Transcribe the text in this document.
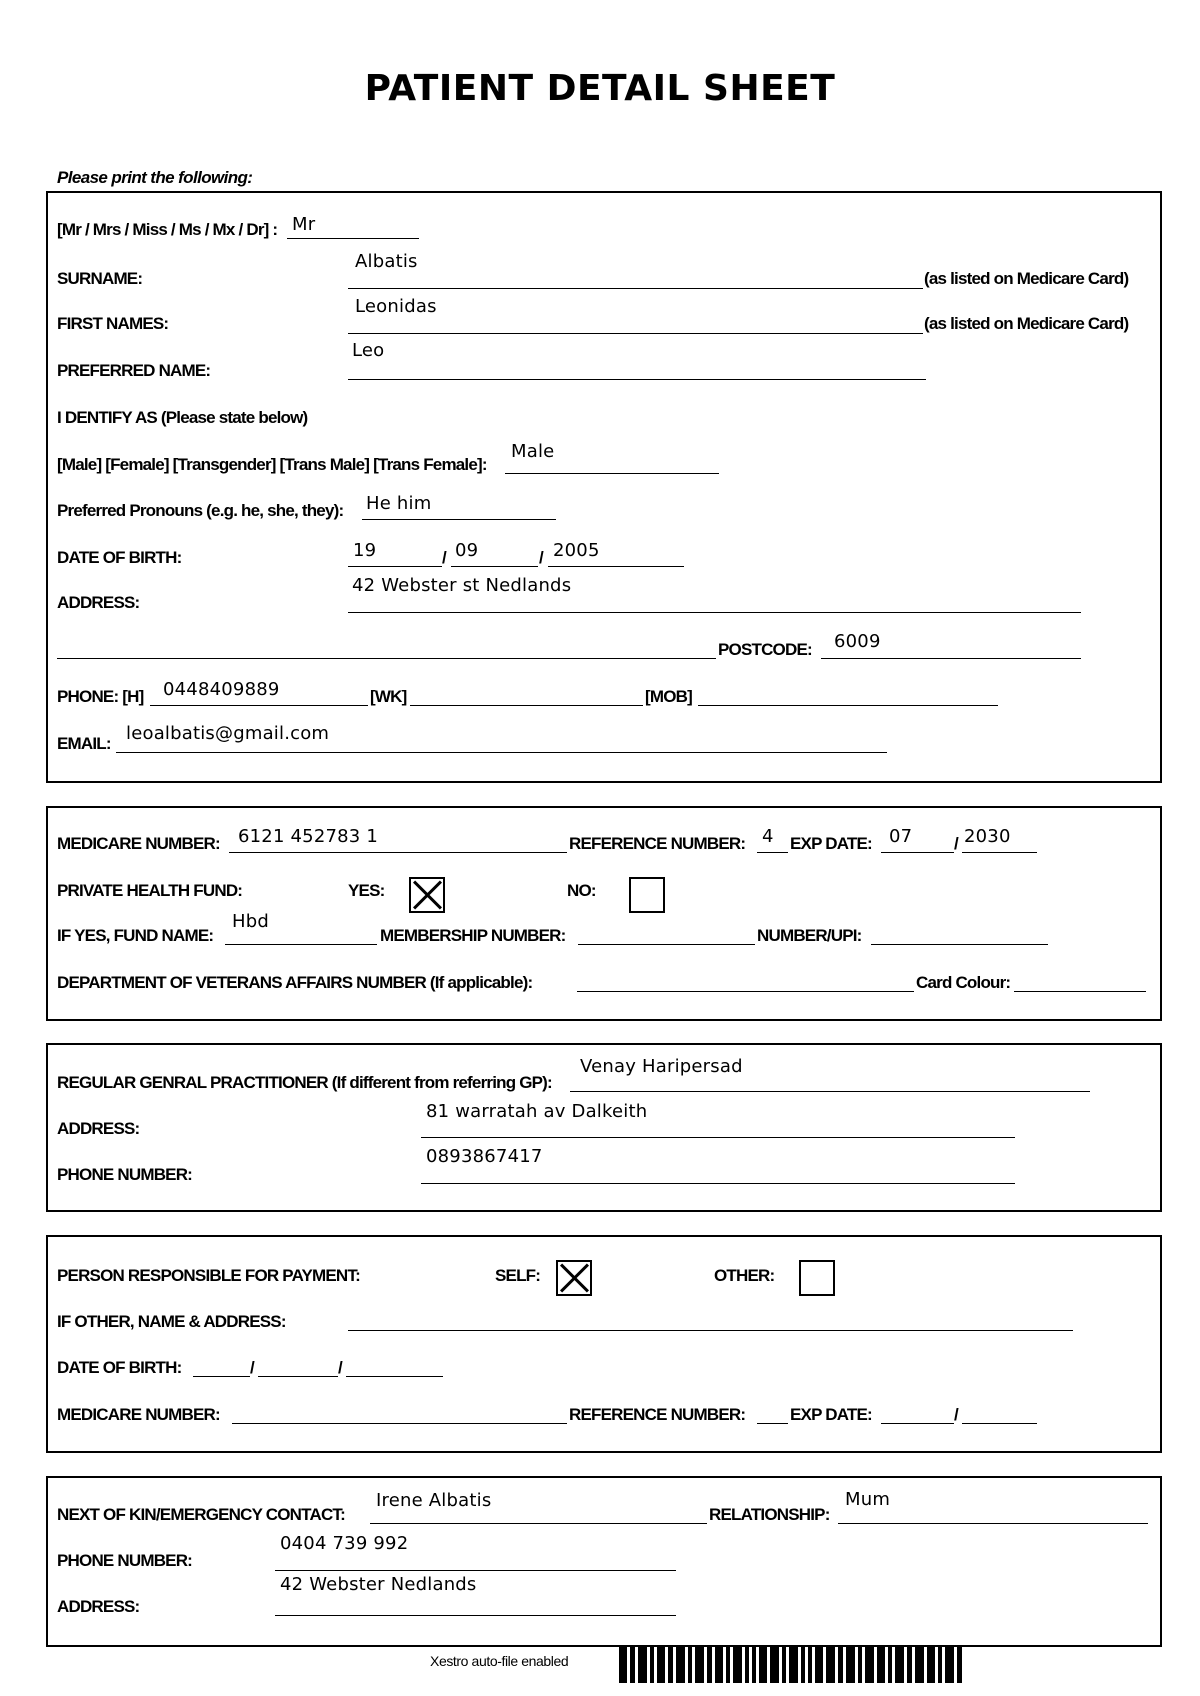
PATIENT DETAIL SHEET
Please print the following:
[Mr / Mrs / Miss / Ms / Mx / Dr] : Mr
SURNAME:
Albatis
(as listed on Medicare Card)
FIRST NAMES:
Leonidas
(as listed on Medicare Card)
PREFERRED NAME:
Leo
I DENTIFY AS (Please state below)
[Male] [Female] [Transgender] [Trans Male] [Trans Female]:
Male
Preferred Pronouns (e.g. he, she, they): He him
DATE OF BIRTH:	19	/ 09	/ 2005
ADDRESS:
42 Webster st Nedlands
POSTCODE: 6009
PHONE: [H] 0448409889	[WK]	[MOB]
EMAIL: leoalbatis@gmail.com
MEDICARE NUMBER: 6121 452783 1	REFERENCE NUMBER: 4 EXP DATE: 07 / 2030
PRIVATE HEALTH FUND:	YES:	NO:
IF YES, FUND NAME:
Hbd
MEMBERSHIP NUMBER:	NUMBER/UPI:
DEPARTMENT OF VETERANS AFFAIRS NUMBER (If applicable):	Card Colour:
REGULAR GENRAL PRACTITIONER (If different from referring GP):
Venay Haripersad
ADDRESS:
81 warratah av Dalkeith
PHONE NUMBER:
0893867417
PERSON RESPONSIBLE FOR PAYMENT:	SELF:	OTHER:
IF OTHER, NAME & ADDRESS:
DATE OF BIRTH:	/	/
MEDICARE NUMBER:	REFERENCE NUMBER:	EXP DATE:	/
NEXT OF KIN/EMERGENCY CONTACT:
Irene Albatis
RELATIONSHIP:
Mum
PHONE NUMBER:
0404 739 992
ADDRESS:
42 Webster Nedlands
Xestro auto-file enabled
